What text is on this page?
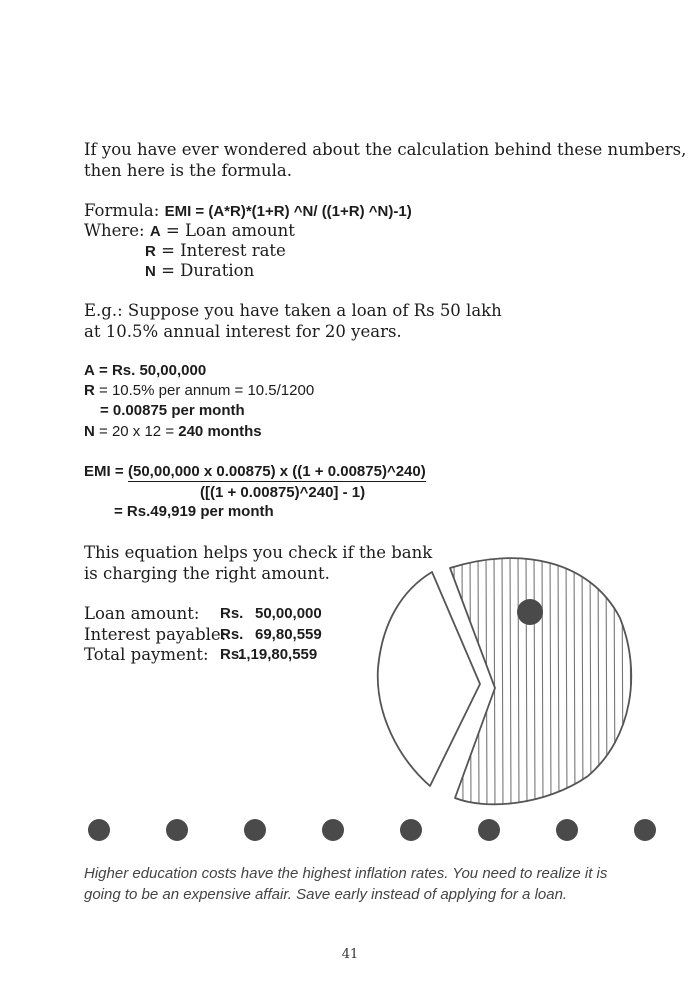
If you have ever wondered about the calculation behind these numbers,
then here is the formula.
Formula: EMI = (A*R)*(1+R) ^N/ ((1+R) ^N)-1)
Where: A = Loan amount
R = Interest rate
N = Duration
E.g.: Suppose you have taken a loan of Rs 50 lakh
at 10.5% annual interest for 20 years.
A = Rs. 50,00,000
R = 10.5% per annum = 10.5/1200
= 0.00875 per month
N = 20 x 12 = 240 months
EMI = (50,00,000 x 0.00875) x ((1 + 0.00875)^240)
([(1 + 0.00875)^240] - 1)
= Rs.49,919 per month
This equation helps you check if the bank
is charging the right amount.
Loan amount: Rs. 50,00,000
Interest payable:
Rs. 69,80,559
Total payment: Rs.
1,19,80,559
Higher education costs have the highest inflation rates. You need to realize it is
going to be an expensive affair. Save early instead of applying for a loan.
41
